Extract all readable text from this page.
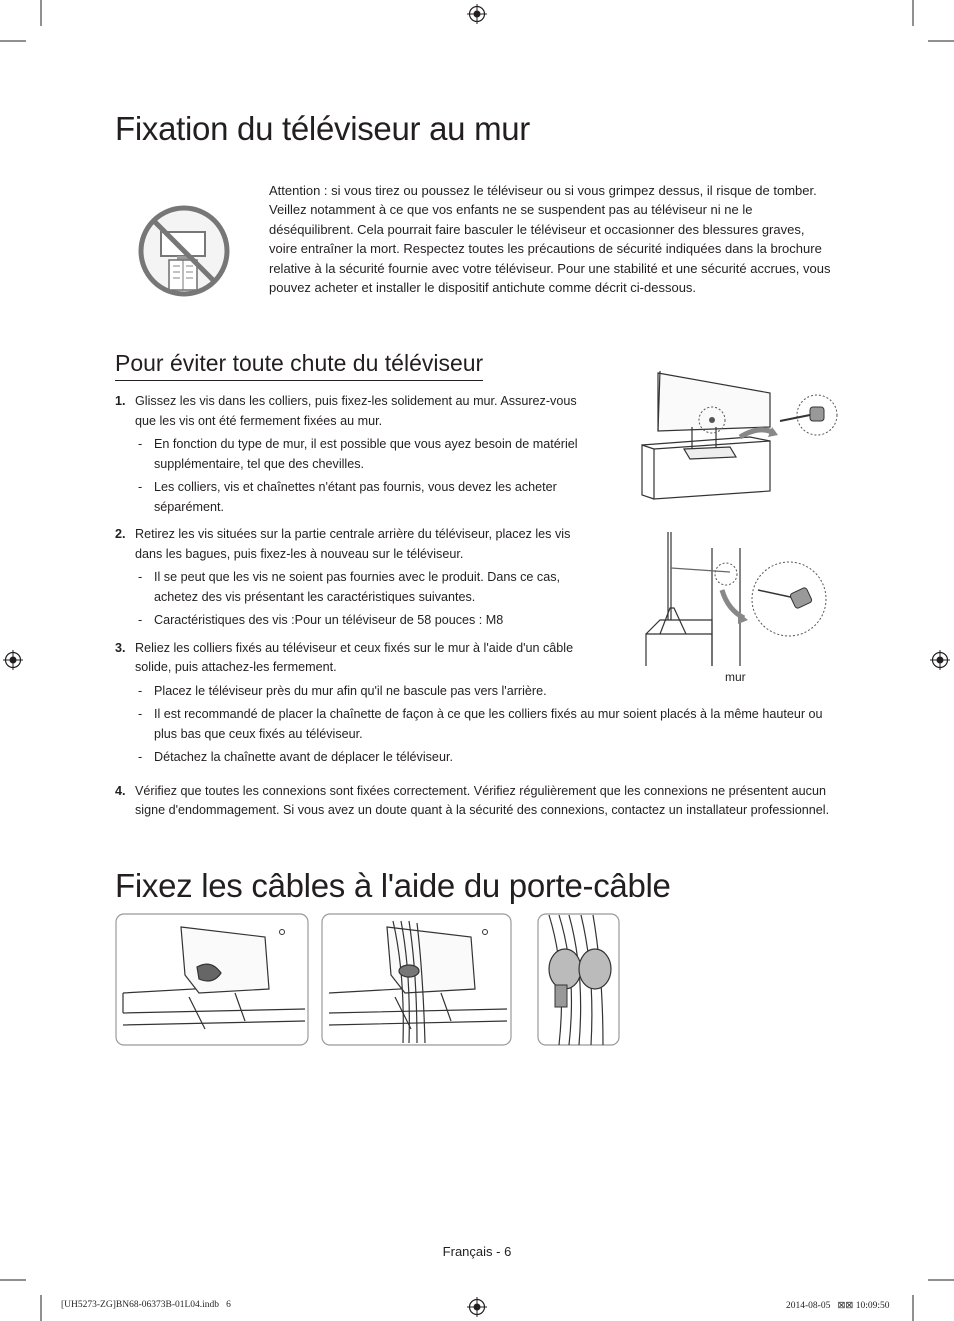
Fixation du téléviseur au mur
Attention : si vous tirez ou poussez le téléviseur ou si vous grimpez dessus, il risque de tomber. Veillez notamment à ce que vos enfants ne se suspendent pas au téléviseur ni ne le déséquilibrent. Cela pourrait faire basculer le téléviseur et occasionner des blessures graves, voire entraîner la mort. Respectez toutes les précautions de sécurité indiquées dans la brochure relative à la sécurité fournie avec votre téléviseur. Pour une stabilité et une sécurité accrues, vous pouvez acheter et installer le dispositif antichute comme décrit ci-dessous.
Pour éviter toute chute du téléviseur
1. Glissez les vis dans les colliers, puis fixez-les solidement au mur. Assurez-vous que les vis ont été fermement fixées au mur.
- En fonction du type de mur, il est possible que vous ayez besoin de matériel supplémentaire, tel que des chevilles.
- Les colliers, vis et chaînettes n'étant pas fournis, vous devez les acheter séparément.
2. Retirez les vis situées sur la partie centrale arrière du téléviseur, placez les vis dans les bagues, puis fixez-les à nouveau sur le téléviseur.
- Il se peut que les vis ne soient pas fournies avec le produit. Dans ce cas, achetez des vis présentant les caractéristiques suivantes.
- Caractéristiques des vis :Pour un téléviseur de 58 pouces : M8
3. Reliez les colliers fixés au téléviseur et ceux fixés sur le mur à l'aide d'un câble solide, puis attachez-les fermement.
- Placez le téléviseur près du mur afin qu'il ne bascule pas vers l'arrière.
- Il est recommandé de placer la chaînette de façon à ce que les colliers fixés au mur soient placés à la même hauteur ou plus bas que ceux fixés au téléviseur.
- Détachez la chaînette avant de déplacer le téléviseur.
4. Vérifiez que toutes les connexions sont fixées correctement. Vérifiez régulièrement que les connexions ne présentent aucun signe d'endommagement. Si vous avez un doute quant à la sécurité des connexions, contactez un installateur professionnel.
mur
Fixez les câbles à l'aide du porte-câble
Français - 6
[UH5273-ZG]BN68-06373B-01L04.indb   6	2014-08-05   ⊠⊠ 10:09:50
